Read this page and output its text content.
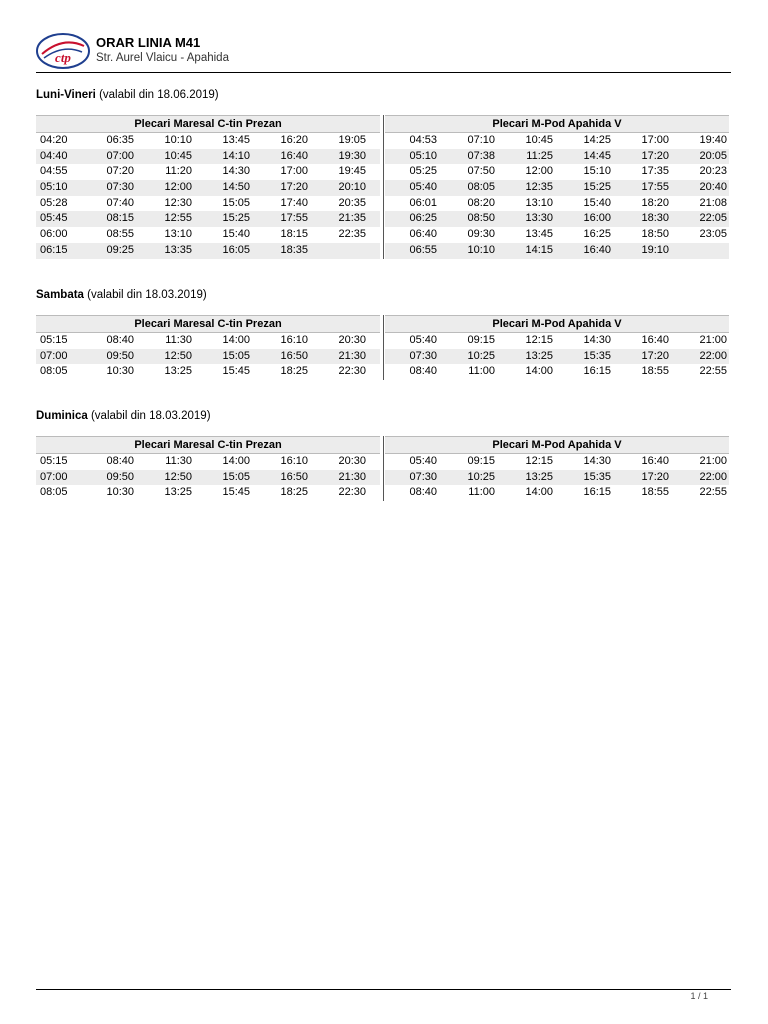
ctp
ORAR LINIA M41
Str. Aurel Vlaicu - Apahida
Luni-Vineri (valabil din 18.06.2019)
Plecari Maresal C-tin Prezan
04:20	06:35	10:10	13:45	16:20	19:05
04:40	07:00	10:45	14:10	16:40	19:30
04:55	07:20	11:20	14:30	17:00	19:45
05:10	07:30	12:00	14:50	17:20	20:10
05:28	07:40	12:30	15:05	17:40	20:35
05:45	08:15	12:55	15:25	17:55	21:35
06:00	08:55	13:10	15:40	18:15	22:35
06:15	09:25	13:35	16:05	18:35
Plecari M-Pod Apahida V
04:53	07:10	10:45	14:25	17:00	19:40
05:10	07:38	11:25	14:45	17:20	20:05
05:25	07:50	12:00	15:10	17:35	20:23
05:40	08:05	12:35	15:25	17:55	20:40
06:01	08:20	13:10	15:40	18:20	21:08
06:25	08:50	13:30	16:00	18:30	22:05
06:40	09:30	13:45	16:25	18:50	23:05
06:55	10:10	14:15	16:40	19:10
Sambata (valabil din 18.03.2019)
Plecari Maresal C-tin Prezan
05:15	08:40	11:30	14:00	16:10	20:30
07:00	09:50	12:50	15:05	16:50	21:30
08:05	10:30	13:25	15:45	18:25	22:30
Plecari M-Pod Apahida V
05:40	09:15	12:15	14:30	16:40	21:00
07:30	10:25	13:25	15:35	17:20	22:00
08:40	11:00	14:00	16:15	18:55	22:55
Duminica (valabil din 18.03.2019)
Plecari Maresal C-tin Prezan
05:15	08:40	11:30	14:00	16:10	20:30
07:00	09:50	12:50	15:05	16:50	21:30
08:05	10:30	13:25	15:45	18:25	22:30
Plecari M-Pod Apahida V
05:40	09:15	12:15	14:30	16:40	21:00
07:30	10:25	13:25	15:35	17:20	22:00
08:40	11:00	14:00	16:15	18:55	22:55
1 / 1
